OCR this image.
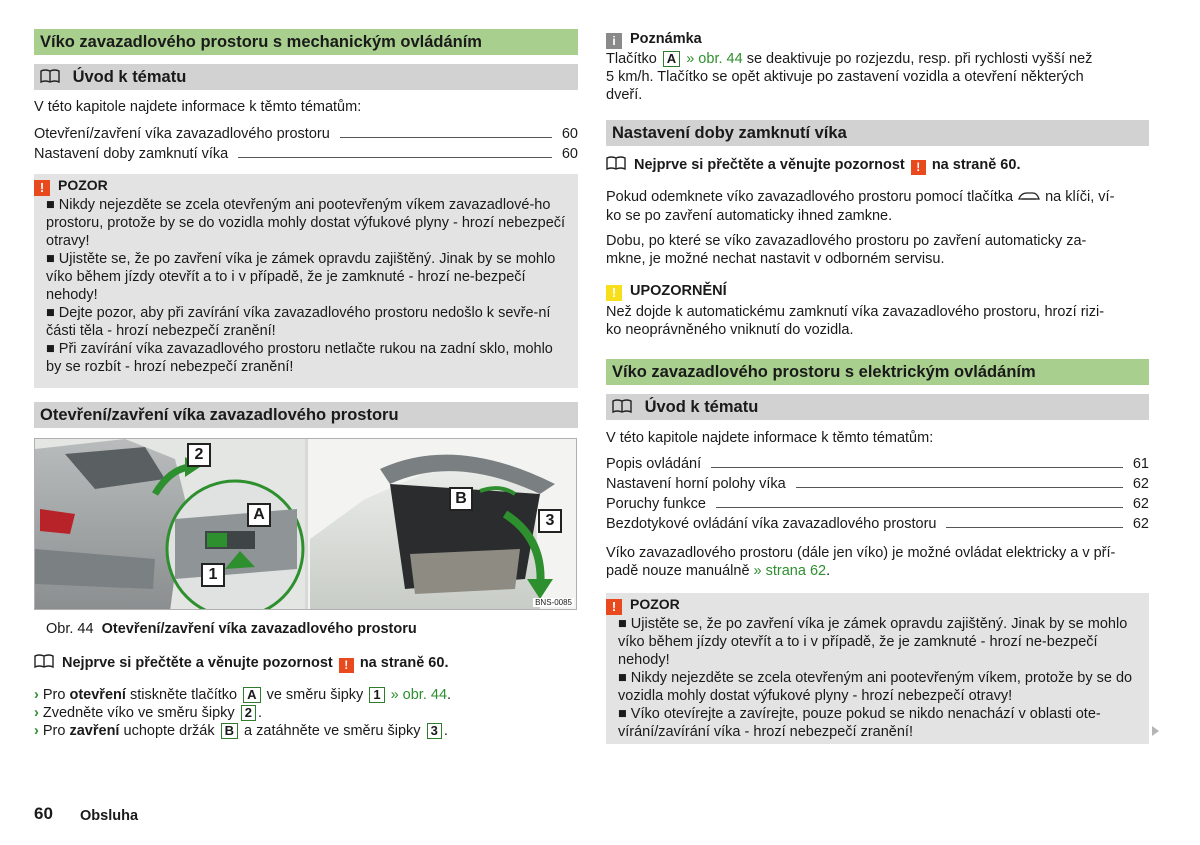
Víko zavazadlového prostoru s mechanickým ovládáním
Úvod k tématu
V této kapitole najdete informace k těmto tématům:
Otevření/zavření víka zavazadlového prostoru	60
Nastavení doby zamknutí víka	60
! POZOR
■ Nikdy nejezděte se zcela otevřeným ani pootevřeným víkem zavazadlové-ho prostoru, protože by se do vozidla mohly dostat výfukové plyny - hrozí nebezpečí otravy!
■ Ujistěte se, že po zavření víka je zámek opravdu zajištěný. Jinak by se mohlo víko během jízdy otevřít a to i v případě, že je zamknuté - hrozí ne-bezpečí nehody!
■ Dejte pozor, aby při zavírání víka zavazadlového prostoru nedošlo k sevře-ní části těla - hrozí nebezpečí zranění!
■ Při zavírání víka zavazadlového prostoru netlačte rukou na zadní sklo, mohlo by se rozbít - hrozí nebezpečí zranění!
Otevření/zavření víka zavazadlového prostoru
2
A
1
B
3
BNS-0085
Obr. 44 Otevření/zavření víka zavazadlového prostoru
Nejprve si přečtěte a věnujte pozornost ! na straně 60.
› Pro otevření stiskněte tlačítko A ve směru šipky 1 » obr. 44.
› Zvedněte víko ve směru šipky 2 .
› Pro zavření uchopte držák B a zatáhněte ve směru šipky 3 .
60 Obsluha
i Poznámka
Tlačítko A » obr. 44 se deaktivuje po rozjezdu, resp. při rychlosti vyšší než
5 km/h. Tlačítko se opět aktivuje po zastavení vozidla a otevření některých
dveří.
Nastavení doby zamknutí víka
Nejprve si přečtěte a věnujte pozornost ! na straně 60.
Pokud odemknete víko zavazadlového prostoru pomocí tlačítka na klíči, ví-
ko se po zavření automaticky ihned zamkne.
Dobu, po které se víko zavazadlového prostoru po zavření automaticky za-
mkne, je možné nechat nastavit v odborném servisu.
! UPOZORNĚNÍ
Než dojde k automatickému zamknutí víka zavazadlového prostoru, hrozí rizi-
ko neoprávněného vniknutí do vozidla.
Víko zavazadlového prostoru s elektrickým ovládáním
Úvod k tématu
V této kapitole najdete informace k těmto tématům:
Popis ovládání	61
Nastavení horní polohy víka	62
Poruchy funkce	62
Bezdotykové ovládání víka zavazadlového prostoru	62
Víko zavazadlového prostoru (dále jen víko) je možné ovládat elektricky a v pří-
padě nouze manuálně » strana 62.
! POZOR
■ Ujistěte se, že po zavření víka je zámek opravdu zajištěný. Jinak by se mohlo víko během jízdy otevřít a to i v případě, že je zamknuté - hrozí ne-bezpečí nehody!
■ Nikdy nejezděte se zcela otevřeným ani pootevřeným víkem, protože by se do vozidla mohly dostat výfukové plyny - hrozí nebezpečí otravy!
■ Víko otevírejte a zavírejte, pouze pokud se nikdo nenachází v oblasti ote-vírání/zavírání víka - hrozí nebezpečí zranění!
